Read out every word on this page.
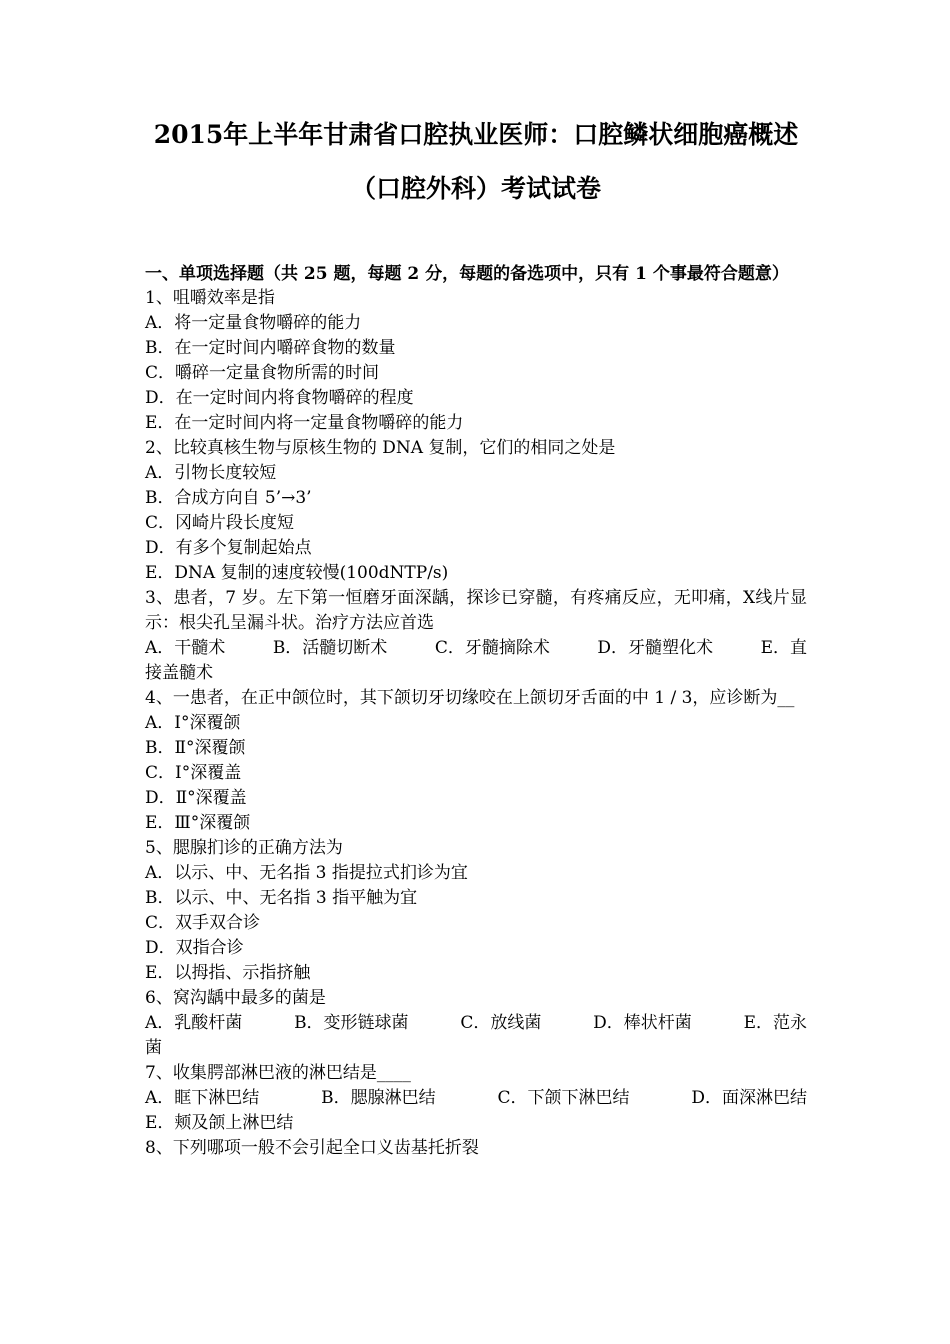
2015年上半年甘肃省口腔执业医师：口腔鳞状细胞癌概述
（口腔外科）考试试卷
一、单项选择题（共 25 题，每题 2 分，每题的备选项中，只有 1 个事最符合题意）
1、咀嚼效率是指
A．将一定量食物嚼碎的能力
B．在一定时间内嚼碎食物的数量
C．嚼碎一定量食物所需的时间
D．在一定时间内将食物嚼碎的程度
E．在一定时间内将一定量食物嚼碎的能力
2、比较真核生物与原核生物的 DNA 复制，它们的相同之处是
A．引物长度较短
B．合成方向自 5’→3’
C．冈崎片段长度短
D．有多个复制起始点
E．DNA 复制的速度较慢(100dNTP/s)
3、患者，7 岁。左下第一恒磨牙面深龋，探诊已穿髓，有疼痛反应，无叩痛，X线片显示：根尖孔呈漏斗状。治疗方法应首选
A．干髓术	B．活髓切断术	C．牙髓摘除术	D．牙髓塑化术	E．直
接盖髓术
4、一患者，在正中颌位时，其下颌切牙切缘咬在上颌切牙舌面的中 1 / 3，应诊断为__
A．Ⅰ°深覆颌
B．Ⅱ°深覆颌
C．Ⅰ°深覆盖
D．Ⅱ°深覆盖
E．Ⅲ°深覆颌
5、腮腺扪诊的正确方法为
A．以示、中、无名指 3 指提拉式扪诊为宜
B．以示、中、无名指 3 指平触为宜
C．双手双合诊
D．双指合诊
E．以拇指、示指挤触
6、窝沟龋中最多的菌是
A．乳酸杆菌	B．变形链球菌	C．放线菌	D．棒状杆菌	E．范永
菌
7、收集腭部淋巴液的淋巴结是____
A．眶下淋巴结	B．腮腺淋巴结	C．下颌下淋巴结	D．面深淋巴结
E．颊及颌上淋巴结
8、下列哪项一般不会引起全口义齿基托折裂
